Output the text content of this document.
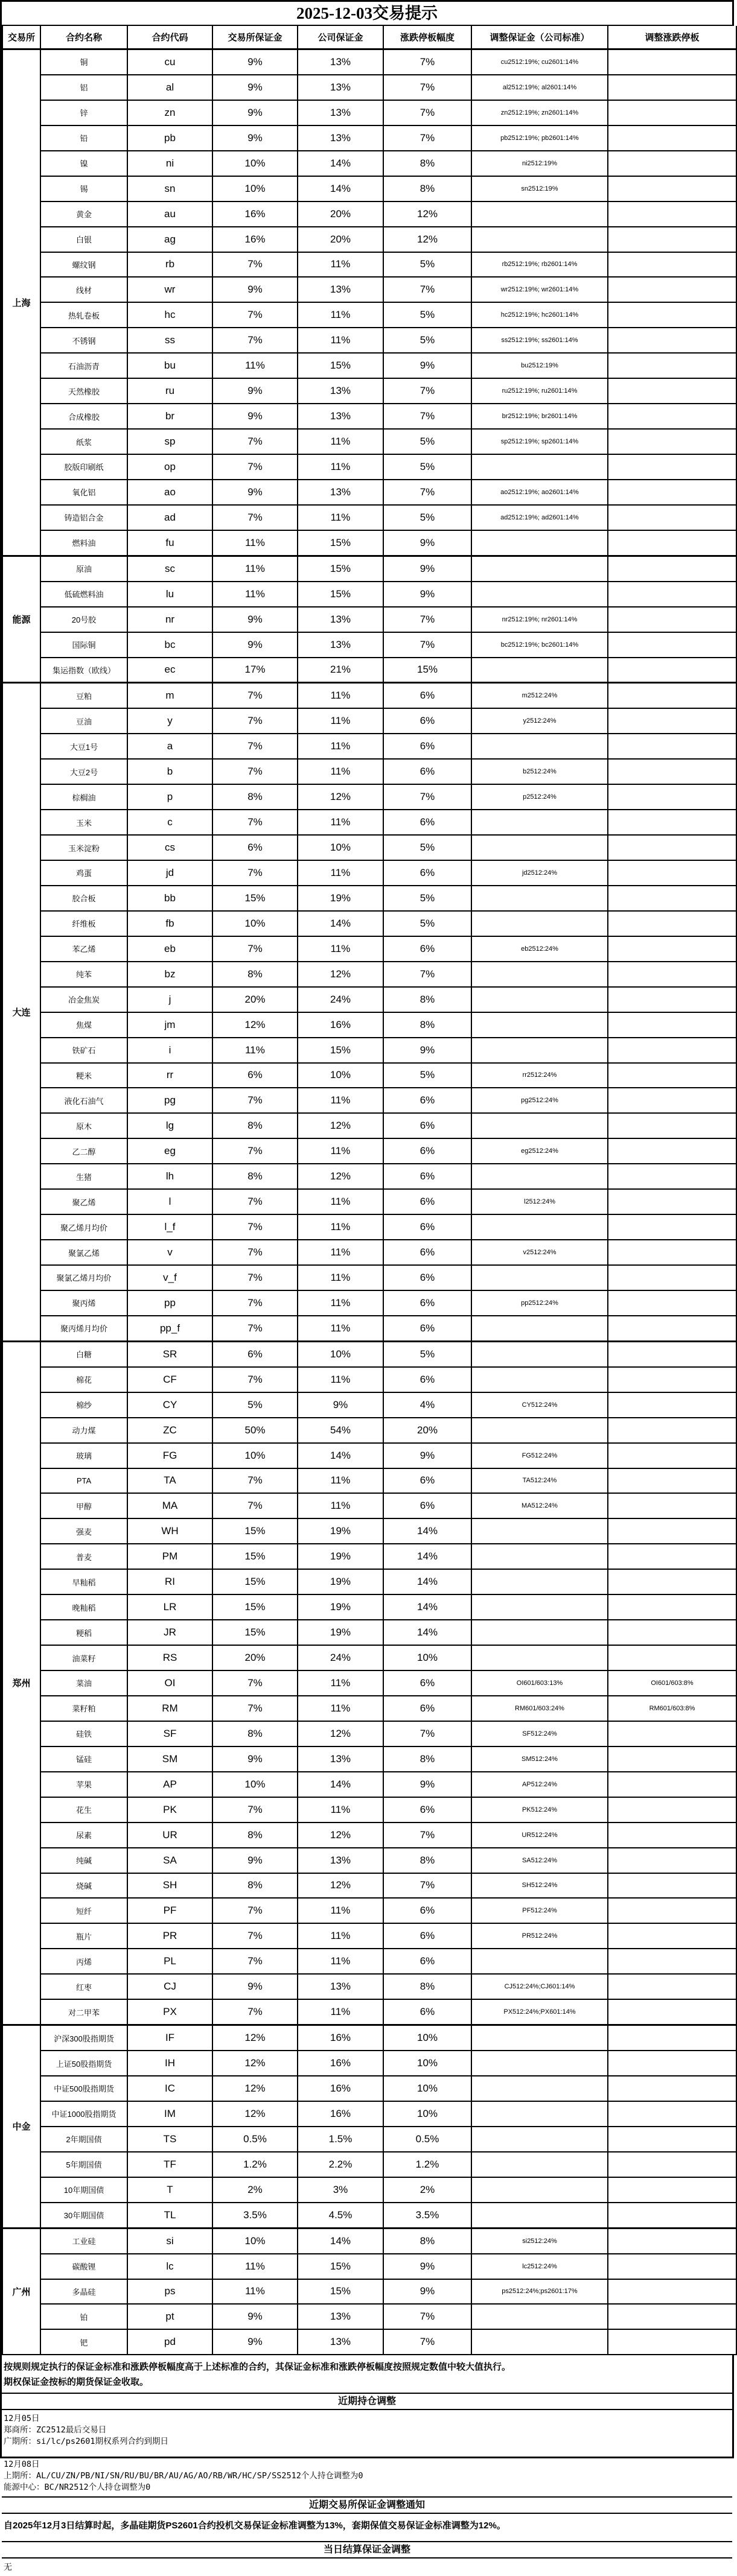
2025-12-03交易提示
交易所	合约名称	合约代码	交易所保证金	公司保证金	涨跌停板幅度	调整保证金（公司标准）	调整涨跌停板
上海	铜	cu	9%	13%	7%	cu2512:19%; cu2601:14%	
	铝	al	9%	13%	7%	al2512:19%; al2601:14%	
	锌	zn	9%	13%	7%	zn2512:19%; zn2601:14%	
	铅	pb	9%	13%	7%	pb2512:19%; pb2601:14%	
	镍	ni	10%	14%	8%	ni2512:19%	
	锡	sn	10%	14%	8%	sn2512:19%	
	黄金	au	16%	20%	12%		
	白银	ag	16%	20%	12%		
	螺纹钢	rb	7%	11%	5%	rb2512:19%; rb2601:14%	
	线材	wr	9%	13%	7%	wr2512:19%; wr2601:14%	
	热轧卷板	hc	7%	11%	5%	hc2512:19%; hc2601:14%	
	不锈钢	ss	7%	11%	5%	ss2512:19%; ss2601:14%	
	石油沥青	bu	11%	15%	9%	bu2512:19%	
	天然橡胶	ru	9%	13%	7%	ru2512:19%; ru2601:14%	
	合成橡胶	br	9%	13%	7%	br2512:19%; br2601:14%	
	纸浆	sp	7%	11%	5%	sp2512:19%; sp2601:14%	
	胶版印刷纸	op	7%	11%	5%		
	氧化铝	ao	9%	13%	7%	ao2512:19%; ao2601:14%	
	铸造铝合金	ad	7%	11%	5%	ad2512:19%; ad2601:14%	
	燃料油	fu	11%	15%	9%		
能源	原油	sc	11%	15%	9%		
	低硫燃料油	lu	11%	15%	9%		
	20号胶	nr	9%	13%	7%	nr2512:19%; nr2601:14%	
	国际铜	bc	9%	13%	7%	bc2512:19%; bc2601:14%	
	集运指数（欧线）	ec	17%	21%	15%		
大连	豆粕	m	7%	11%	6%	m2512:24%	
	豆油	y	7%	11%	6%	y2512:24%	
	大豆1号	a	7%	11%	6%		
	大豆2号	b	7%	11%	6%	b2512:24%	
	棕榈油	p	8%	12%	7%	p2512:24%	
	玉米	c	7%	11%	6%		
	玉米淀粉	cs	6%	10%	5%		
	鸡蛋	jd	7%	11%	6%	jd2512:24%	
	胶合板	bb	15%	19%	5%		
	纤维板	fb	10%	14%	5%		
	苯乙烯	eb	7%	11%	6%	eb2512:24%	
	纯苯	bz	8%	12%	7%		
	冶金焦炭	j	20%	24%	8%		
	焦煤	jm	12%	16%	8%		
	铁矿石	i	11%	15%	9%		
	粳米	rr	6%	10%	5%	rr2512:24%	
	液化石油气	pg	7%	11%	6%	pg2512:24%	
	原木	lg	8%	12%	6%		
	乙二醇	eg	7%	11%	6%	eg2512:24%	
	生猪	lh	8%	12%	6%		
	聚乙烯	l	7%	11%	6%	l2512:24%	
	聚乙烯月均价	l_f	7%	11%	6%		
	聚氯乙烯	v	7%	11%	6%	v2512:24%	
	聚氯乙烯月均价	v_f	7%	11%	6%		
	聚丙烯	pp	7%	11%	6%	pp2512:24%	
	聚丙烯月均价	pp_f	7%	11%	6%		
郑州	白糖	SR	6%	10%	5%		
	棉花	CF	7%	11%	6%		
	棉纱	CY	5%	9%	4%	CY512:24%	
	动力煤	ZC	50%	54%	20%		
	玻璃	FG	10%	14%	9%	FG512:24%	
	PTA	TA	7%	11%	6%	TA512:24%	
	甲醇	MA	7%	11%	6%	MA512:24%	
	强麦	WH	15%	19%	14%		
	普麦	PM	15%	19%	14%		
	早籼稻	RI	15%	19%	14%		
	晚籼稻	LR	15%	19%	14%		
	粳稻	JR	15%	19%	14%		
	油菜籽	RS	20%	24%	10%		
	菜油	OI	7%	11%	6%	OI601/603:13%	OI601/603:8%
	菜籽粕	RM	7%	11%	6%	RM601/603:24%	RM601/603:8%
	硅铁	SF	8%	12%	7%	SF512:24%	
	锰硅	SM	9%	13%	8%	SM512:24%	
	苹果	AP	10%	14%	9%	AP512:24%	
	花生	PK	7%	11%	6%	PK512:24%	
	尿素	UR	8%	12%	7%	UR512:24%	
	纯碱	SA	9%	13%	8%	SA512:24%	
	烧碱	SH	8%	12%	7%	SH512:24%	
	短纤	PF	7%	11%	6%	PF512:24%	
	瓶片	PR	7%	11%	6%	PR512:24%	
	丙烯	PL	7%	11%	6%		
	红枣	CJ	9%	13%	8%	CJ512:24%;CJ601:14%	
	对二甲苯	PX	7%	11%	6%	PX512:24%;PX601:14%	
中金	沪深300股指期货	IF	12%	16%	10%		
	上证50股指期货	IH	12%	16%	10%		
	中证500股指期货	IC	12%	16%	10%		
	中证1000股指期货	IM	12%	16%	10%		
	2年期国债	TS	0.5%	1.5%	0.5%		
	5年期国债	TF	1.2%	2.2%	1.2%		
	10年期国债	T	2%	3%	2%		
	30年期国债	TL	3.5%	4.5%	3.5%		
广州	工业硅	si	10%	14%	8%	si2512:24%	
	碳酸锂	lc	11%	15%	9%	lc2512:24%	
	多晶硅	ps	11%	15%	9%	ps2512:24%;ps2601:17%	
	铂	pt	9%	13%	7%		
	钯	pd	9%	13%	7%		
按规则规定执行的保证金标准和涨跌停板幅度高于上述标准的合约，其保证金标准和涨跌停板幅度按照规定数值中较大值执行。
期权保证金按标的期货保证金收取。
近期持仓调整
12月05日
郑商所：ZC2512最后交易日
广期所：si/lc/ps2601期权系列合约到期日

12月08日
上期所：AL/CU/ZN/PB/NI/SN/RU/BU/BR/AU/AG/AO/RB/WR/HC/SP/SS2512个人持仓调整为0
能源中心：BC/NR2512个人持仓调整为0
近期交易所保证金调整通知
自2025年12月3日结算时起，多晶硅期货PS2601合约投机交易保证金标准调整为13%，套期保值交易保证金标准调整为12%。
当日结算保证金调整
无
